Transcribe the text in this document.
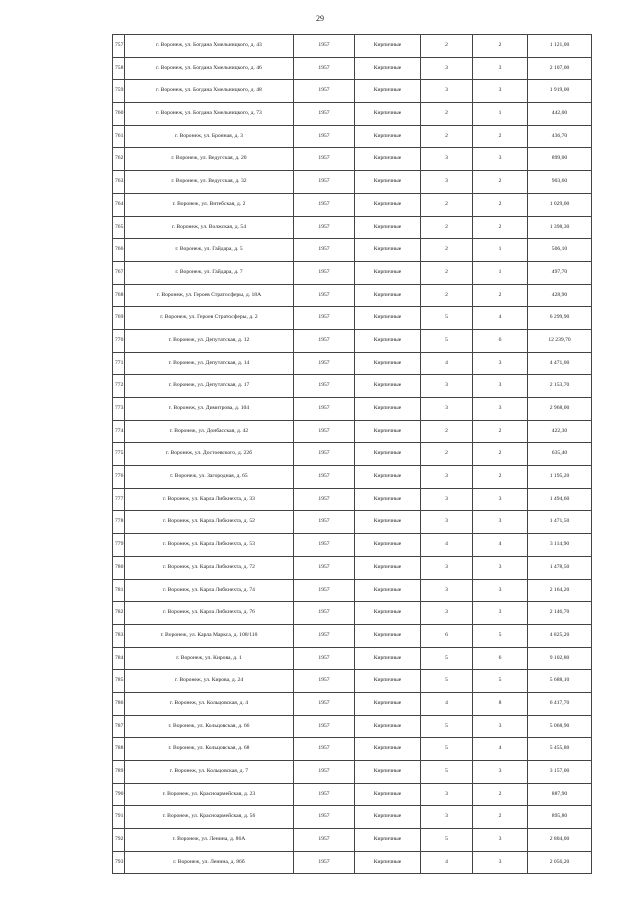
29
757	г. Воронеж, ул. Богдана Хмельницкого, д. 43	1957	Кирпичные	2	2	1 121,00
758	г. Воронеж, ул. Богдана Хмельницкого, д. 46	1957	Кирпичные	3	3	2 107,00
759	г. Воронеж, ул. Богдана Хмельницкого, д. 48	1957	Кирпичные	3	3	1 919,00
760	г. Воронеж, ул. Богдана Хмельницкого, д. 73	1957	Кирпичные	2	1	442,00
761	г. Воронеж, ул. Бронная, д. 3	1957	Кирпичные	2	2	436,70
762	г. Воронеж, ул. Ведугская, д. 20	1957	Кирпичные	3	3	899,00
763	г. Воронеж, ул. Ведугская, д. 32	1957	Кирпичные	3	2	903,60
764	г. Воронеж, ул. Витебская, д. 2	1957	Кирпичные	2	2	1 029,00
765	г. Воронеж, ул. Волжская, д. 54	1957	Кирпичные	2	2	1 398,30
766	г. Воронеж, ул. Гайдара, д. 5	1957	Кирпичные	2	1	506,10
767	г. Воронеж, ул. Гайдара, д. 7	1957	Кирпичные	2	1	497,70
768	г. Воронеж, ул. Героев Стратосферы, д. 18А	1957	Кирпичные	2	2	428,90
769	г. Воронеж, ул. Героев Стратосферы, д. 2	1957	Кирпичные	5	4	6 299,90
770	г. Воронеж, ул. Депутатская, д. 12	1957	Кирпичные	5	6	12 239,70
771	г. Воронеж, ул. Депутатская, д. 14	1957	Кирпичные	4	3	4 471,00
772	г. Воронеж, ул. Депутатская, д. 17	1957	Кирпичные	3	3	2 153,70
773	г. Воронеж, ул. Димитрова, д. 104	1957	Кирпичные	3	3	2 968,00
774	г. Воронеж, ул. Донбасская, д. 42	1957	Кирпичные	2	2	422,30
775	г. Воронеж, ул. Достоевского, д. 22б	1957	Кирпичные	2	2	635,40
776	г. Воронеж, ул. Загородная, д. 65	1957	Кирпичные	3	2	1 195,20
777	г. Воронеж, ул. Карла Либкнехта, д. 33	1957	Кирпичные	3	3	1 494,60
778	г. Воронеж, ул. Карла Либкнехта, д. 52	1957	Кирпичные	3	3	1 471,50
779	г. Воронеж, ул. Карла Либкнехта, д. 53	1957	Кирпичные	4	4	3 114,90
780	г. Воронеж, ул. Карла Либкнехта, д. 72	1957	Кирпичные	3	3	1 478,50
781	г. Воронеж, ул. Карла Либкнехта, д. 74	1957	Кирпичные	3	3	2 164,20
782	г. Воронеж, ул. Карла Либкнехта, д. 76	1957	Кирпичные	3	3	2 146,70
783	г. Воронеж, ул. Карла Маркса, д. 108/110	1957	Кирпичные	6	5	4 825,20
784	г. Воронеж, ул. Кирова, д. 1	1957	Кирпичные	5	6	9 102,80
785	г. Воронеж, ул. Кирова, д. 24	1957	Кирпичные	5	5	5 688,10
786	г. Воронеж, ул. Кольцовская, д. 4	1957	Кирпичные	4	8	6 417,70
787	г. Воронеж, ул. Кольцовская, д. 66	1957	Кирпичные	5	3	5 068,90
788	г. Воронеж, ул. Кольцовская, д. 68	1957	Кирпичные	5	4	5 455,80
789	г. Воронеж, ул. Кольцовская, д. 7	1957	Кирпичные	5	3	3 157,00
790	г. Воронеж, ул. Красноармейская, д. 23	1957	Кирпичные	3	2	887,90
791	г. Воронеж, ул. Красноармейская, д. 56	1957	Кирпичные	3	2	895,80
792	г. Воронеж, ул. Ленина, д. 86А	1957	Кирпичные	5	3	2 804,00
793	г. Воронеж, ул. Ленина, д. 86б	1957	Кирпичные	4	3	2 056,20
